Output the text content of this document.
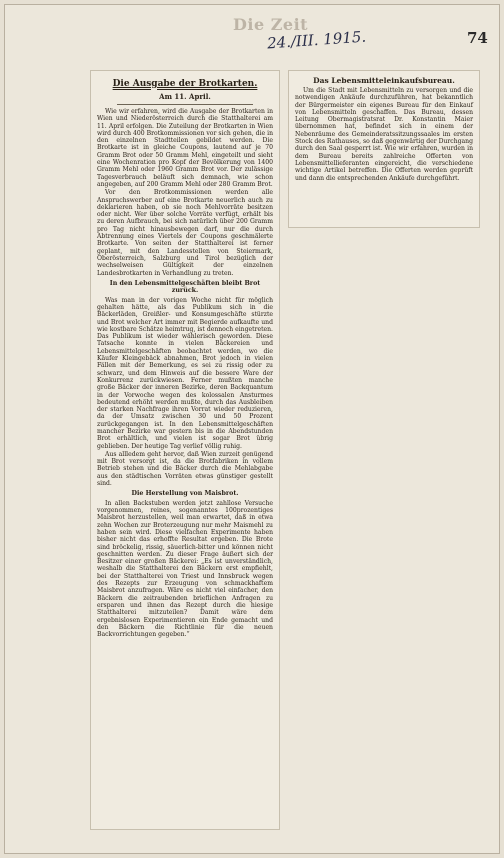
Die Zeit
24./III. 1915.	74
Die Ausgabe der Brotkarten.
Am 11. April.

Wie wir erfahren, wird die Ausgabe der Brotkarten in Wien und Niederösterreich durch die Statthalterei am 11. April erfolgen. Die Zuteilung der Brotkarten in Wien wird durch 400 Brotkommissionen vor sich gehen, die in den einzelnen Stadtteilen gebildet werden. Die Brotkarte ist in gleiche Coupons, lautend auf je 70 Gramm Brot oder 50 Gramm Mehl, eingeteilt und sieht eine Wochenration pro Kopf der Bevölkerung von 1400 Gramm Mehl oder 1960 Gramm Brot vor. Der zulässige Tagesverbrauch beläuft sich demnach, wie schon angegeben, auf 200 Gramm Mehl oder 280 Gramm Brot.

Vor den Brotkommissionen werden alle Anspruchswerber auf eine Brotkarte neuerlich auch zu deklarieren haben, ob sie noch Mehlvorräte besitzen oder nicht. Wer über solche Vorräte verfügt, erhält bis zu deren Aufbrauch, bei sich natürlich über 200 Gramm pro Tag nicht hinausbewegen darf, nur die durch Abtrennung eines Viertels der Coupons geschmälerte Brotkarte. Von seiten der Statthalterei ist ferner geplant, mit den Landesstellen von Steiermark, Oberösterreich, Salzburg und Tirol bezüglich der wechselweisen Gültigkeit der einzelnen Landesbrotkarten in Verhandlung zu treten.

In den Lebensmittelgeschäften bleibt Brot zurück.

Was man in der vorigen Woche nicht für möglich gehalten hätte, als das Publikum sich in die Bäckerläden, Greißler- und Konsumgeschäfte stürzte und Brot welcher Art immer mit Begierde aufkaufte und wie kostbare Schätze heimtrug, ist dennoch eingetreten. Das Publikum ist wieder wählerisch geworden. Diese Tatsache konnte in vielen Bäckereien und Lebensmittelgeschäften beobachtet werden, wo die Käufer Kleingebäck abnahmen, Brot jedoch in vielen Fällen mit der Bemerkung, es sei zu rissig oder zu schwarz, und dem Hinweis auf die bessere Ware der Konkurrenz zurückwiesen. Ferner mußten manche große Bäcker der inneren Bezirke, deren Backquantum in der Vorwoche wegen des kolossalen Ansturmes bedeutend erhöht werden mußte, durch das Ausbleiben der starken Nachfrage ihren Vorrat wieder reduzieren, da der Umsatz zwischen 30 und 50 Prozent zurückgegangen ist. In den Lebensmittelgeschäften mancher Bezirke war gestern bis in die Abendstunden Brot erhältlich, und vielen ist sogar Brot übrig geblieben. Der heutige Tag verlief völlig ruhig.

Aus allledem geht hervor, daß Wien zurzeit genügend mit Brot versorgt ist, da die Brotfabriken in vollem Betrieb stehen und die Bäcker durch die Mehlabgabe aus den städtischen Vorräten etwas günstiger gestellt sind.

Die Herstellung von Maisbrot.

In allen Backstuben werden jetzt zahllose Versuche vorgenommen, reines, sogenanntes 100prozentiges Maisbrot herzustellen, weil man erwartet, daß in etwa zehn Wochen zur Broterzeugung nur mehr Maismehl zu haben sein wird. Diese vielfachen Experimente haben bisher nicht das erhoffte Resultat ergeben. Die Brote sind bröckelig, rissig, säuerlich-bitter und können nicht geschnitten werden. Zu dieser Frage äußert sich der Besitzer einer großen Bäckerei: „Es ist unverständlich, weshalb die Statthalterei den Bäckern erst empfiehlt, bei der Statthalterei von Triest und Innsbruck wegen des Rezepts zur Erzeugung von schmackhaftem Maisbrot anzufragen. Wäre es nicht viel einfacher, den Bäckern die zeitraubenden brieflichen Anfragen zu ersparen und ihnen das Rezept durch die hiesige Statthalterei mitzuteilen? Damit wäre dem ergebnislosen Experimentieren ein Ende gemacht und den Bäckern die Richtlinie für die neuen Backvorrichtungen gegeben.“

Das Lebensmitteleinkaufsbureau.

Um die Stadt mit Lebensmitteln zu versorgen und die notwendigen Ankäufe durchzuführen, hat bekanntlich der Bürgermeister ein eigenes Bureau für den Einkauf von Lebensmitteln geschaffen. Das Bureau, dessen Leitung Obermagistratsrat Dr. Konstantin Maier übernommen hat, befindet sich in einem der Nebenräume des Gemeinderatssitzungssaales im ersten Stock des Rathauses, so daß gegenwärtig der Durchgang durch den Saal gesperrt ist. Wie wir erfahren, wurden in dem Bureau bereits zahlreiche Offerten von Lebensmittellieferanten eingereicht, die verschiedene wichtige Artikel betreffen. Die Offerten werden geprüft und dann die entsprechenden Ankäufe durchgeführt.
